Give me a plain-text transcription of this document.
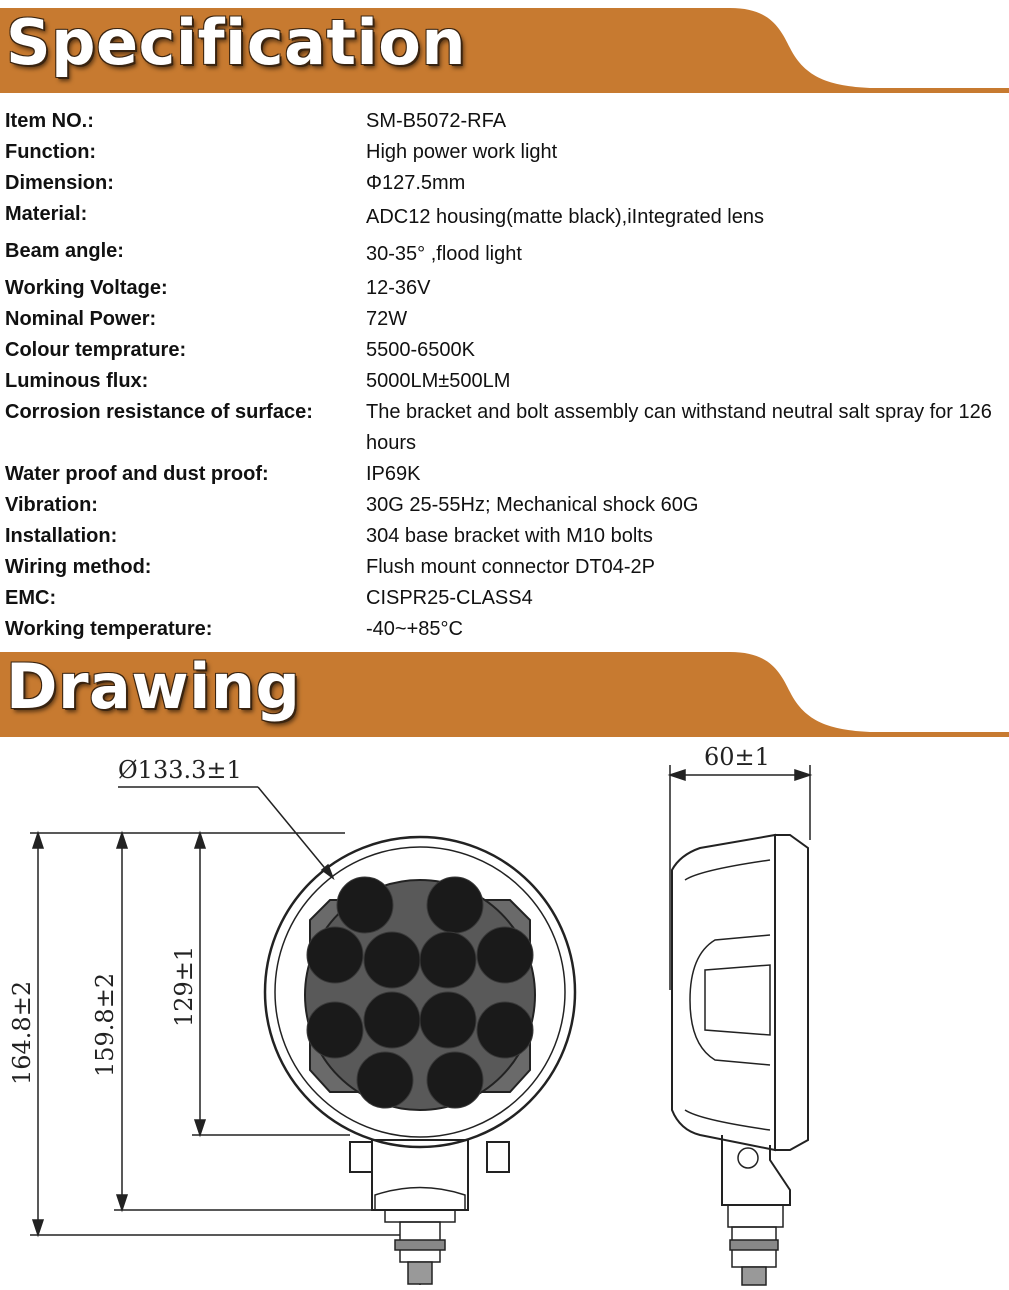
Specification
Item NO.:	SM-B5072-RFA
Function:	High power work light
Dimension:	Φ127.5mm
Material:	ADC12 housing(matte black),iIntegrated lens
Beam angle:	30-35° ,flood light
Working Voltage:	12-36V
Nominal Power:	72W
Colour temprature:	5500-6500K
Luminous flux:	5000LM±500LM
Corrosion resistance of surface:	The bracket and bolt assembly can withstand neutral salt spray for 126 hours
Water proof and dust proof:	IP69K
Vibration:	30G 25-55Hz; Mechanical shock 60G
Installation:	304 base bracket with M10 bolts
Wiring method:	Flush mount connector DT04-2P
EMC:	CISPR25-CLASS4
Working temperature:	-40~+85°C
Drawing
Ø133.3±1
164.8±2 159.8±2 129±1
60±1
